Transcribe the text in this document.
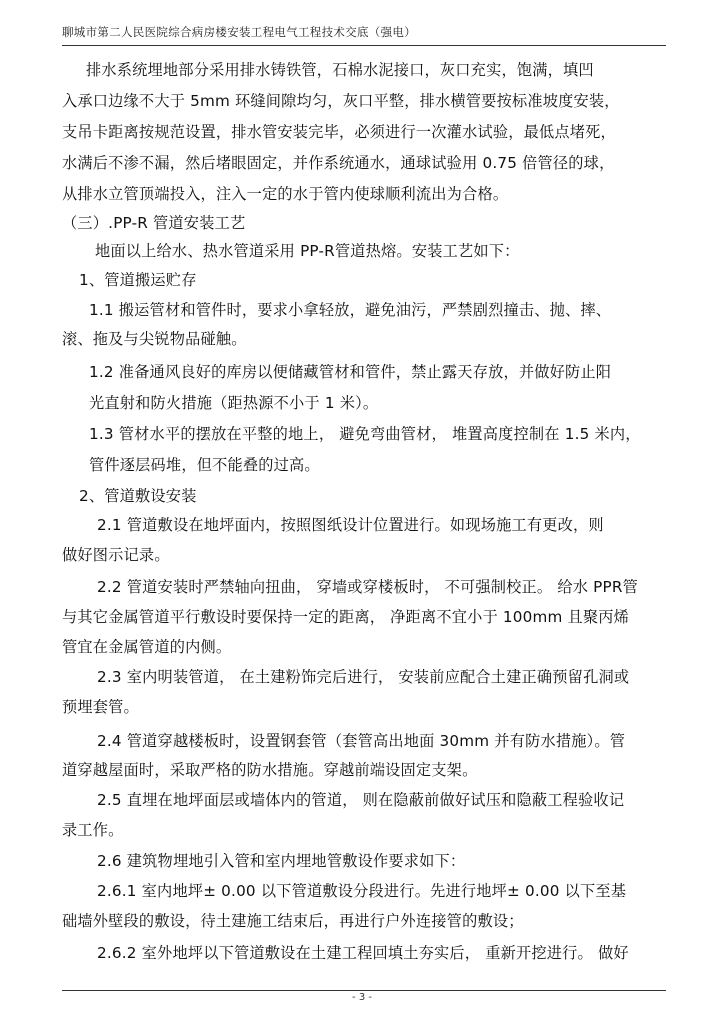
聊城市第二人民医院综合病房楼安装工程电气工程技术交底（强电）
排水系统埋地部分采用排水铸铁管，石棉水泥接口，灰口充实，饱满，填凹
入承口边缘不大于 5mm 环缝间隙均匀，灰口平整，排水横管要按标准坡度安装，
支吊卡距离按规范设置，排水管安装完毕，必须进行一次灌水试验，最低点堵死，
水满后不渗不漏，然后堵眼固定，并作系统通水，通球试验用 0.75 倍管径的球，
从排水立管顶端投入，注入一定的水于管内使球顺利流出为合格。
（三）.PP-R 管道安装工艺
地面以上给水、热水管道采用 PP-R管道热熔。安装工艺如下：
1、管道搬运贮存
1.1 搬运管材和管件时，要求小拿轻放，避免油污，严禁剧烈撞击、抛、摔、
滚、拖及与尖锐物品碰触。
1.2 准备通风良好的库房以便储藏管材和管件，禁止露天存放，并做好防止阳
光直射和防火措施（距热源不小于 1 米）。
1.3 管材水平的摆放在平整的地上， 避免弯曲管材， 堆置高度控制在 1.5 米内，
管件逐层码堆，但不能叠的过高。
2、管道敷设安装
2.1 管道敷设在地坪面内，按照图纸设计位置进行。如现场施工有更改，则
做好图示记录。
2.2 管道安装时严禁轴向扭曲， 穿墙或穿楼板时， 不可强制校正。 给水 PPR管
与其它金属管道平行敷设时要保持一定的距离， 净距离不宜小于 100mm 且聚丙烯
管宜在金属管道的内侧。
2.3 室内明装管道， 在土建粉饰完后进行， 安装前应配合土建正确预留孔洞或
预埋套管。
2.4 管道穿越楼板时，设置钢套管（套管高出地面 30mm 并有防水措施）。管
道穿越屋面时，采取严格的防水措施。穿越前端设固定支架。
2.5 直埋在地坪面层或墙体内的管道， 则在隐蔽前做好试压和隐蔽工程验收记
录工作。
2.6 建筑物埋地引入管和室内埋地管敷设作要求如下：
2.6.1 室内地坪± 0.00 以下管道敷设分段进行。先进行地坪± 0.00 以下至基
础墙外壁段的敷设，待土建施工结束后，再进行户外连接管的敷设；
2.6.2 室外地坪以下管道敷设在土建工程回填土夯实后， 重新开挖进行。 做好
- 3 -
